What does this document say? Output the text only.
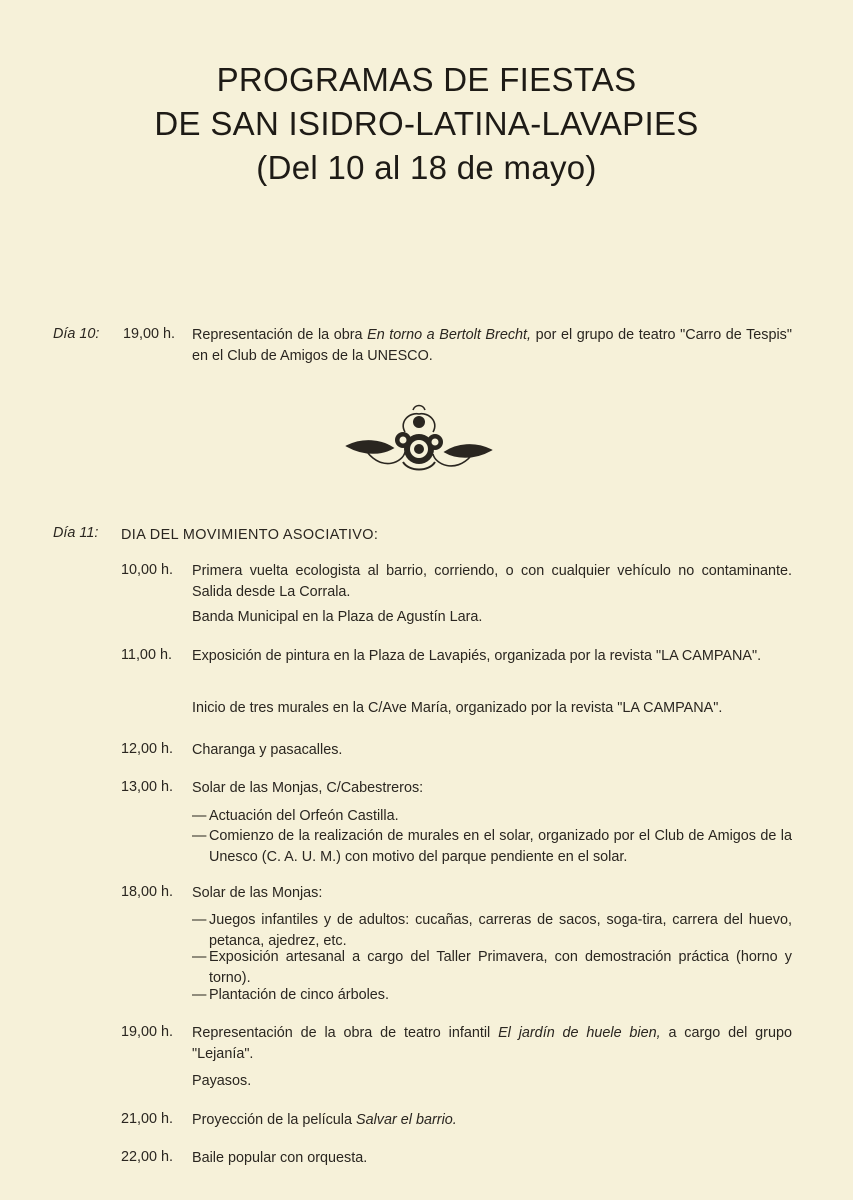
PROGRAMAS DE FIESTAS
DE SAN ISIDRO-LATINA-LAVAPIES
(Del 10 al 18 de mayo)
Día 10: 19,00 h. Representación de la obra En torno a Bertolt Brecht, por el grupo de teatro "Carro de Tespis" en el Club de Amigos de la UNESCO.
Día 11: DIA DEL MOVIMIENTO ASOCIATIVO:
10,00 h. Primera vuelta ecologista al barrio, corriendo, o con cualquier vehículo no contaminante. Salida desde La Corrala.
Banda Municipal en la Plaza de Agustín Lara.
11,00 h. Exposición de pintura en la Plaza de Lavapiés, organizada por la revista "LA CAMPANA".
Inicio de tres murales en la C/Ave María, organizado por la revista "LA CAMPANA".
12,00 h. Charanga y pasacalles.
13,00 h. Solar de las Monjas, C/Cabestreros:
— Actuación del Orfeón Castilla.
— Comienzo de la realización de murales en el solar, organizado por el Club de Amigos de la Unesco (C. A. U. M.) con motivo del parque pendiente en el solar.
18,00 h. Solar de las Monjas:
— Juegos infantiles y de adultos: cucañas, carreras de sacos, soga-tira, carrera del huevo, petanca, ajedrez, etc.
— Exposición artesanal a cargo del Taller Primavera, con demostración práctica (horno y torno).
— Plantación de cinco árboles.
19,00 h. Representación de la obra de teatro infantil El jardín de huele bien, a cargo del grupo "Lejanía".
Payasos.
21,00 h. Proyección de la película Salvar el barrio.
22,00 h. Baile popular con orquesta.
